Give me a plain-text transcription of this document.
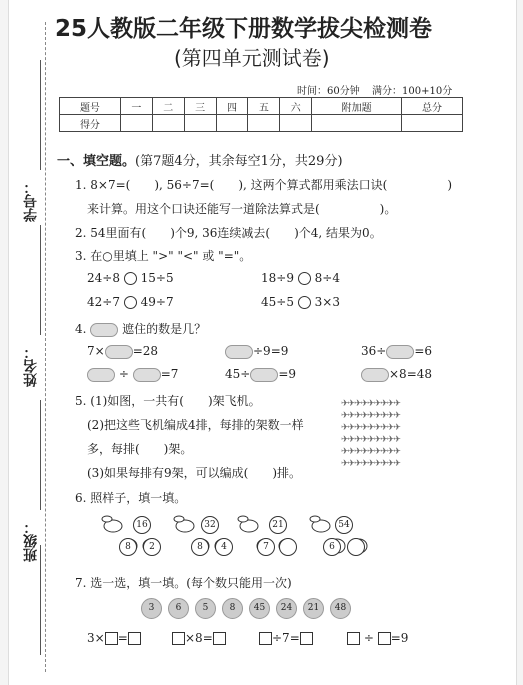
学号：
姓名：
班级：
25人教版二年级下册数学拔尖检测卷
(第四单元测试卷)
时间：60分钟 满分：100+10分
题号	一	二	三	四	五	六	附加题	总分
得分								
一、填空题。(第7题4分，其余每空1分，共29分)
1. 8×7=(　　), 56÷7=(　　), 这两个算式都用乘法口诀(　　　　　)
来计算。用这个口诀还能写一道除法算式是(　　　　　)。
2. 54里面有(　　)个9, 36连续减去(　　)个4, 结果为0。
3. 在○里填上 ">" "<" 或 "="。
24÷8 15÷5	18÷9 8÷4
42÷7 49÷7	45÷5 3×3
4.	遮住的数是几？
7× =28	÷9=9	36÷ =6
÷	=7	45÷ =9	×8=48
5. (1)如图，一共有(　　)架飞机。
(2)把这些飞机编成4排，每排的架数一样
多，每排(　　)架。
(3)如果每排有9架，可以编成(　　)排。
✈✈✈✈✈✈✈✈✈
✈✈✈✈✈✈✈✈✈
✈✈✈✈✈✈✈✈✈
✈✈✈✈✈✈✈✈✈
✈✈✈✈✈✈✈✈✈
✈✈✈✈✈✈✈✈✈
6. 照样子，填一填。
16
8	2
32
8	4
21
7
54
6
7. 选一选，填一填。(每个数只能用一次)
3	6	5	8	45	24	21	48
3× =	×8=	÷7=	÷ =9
